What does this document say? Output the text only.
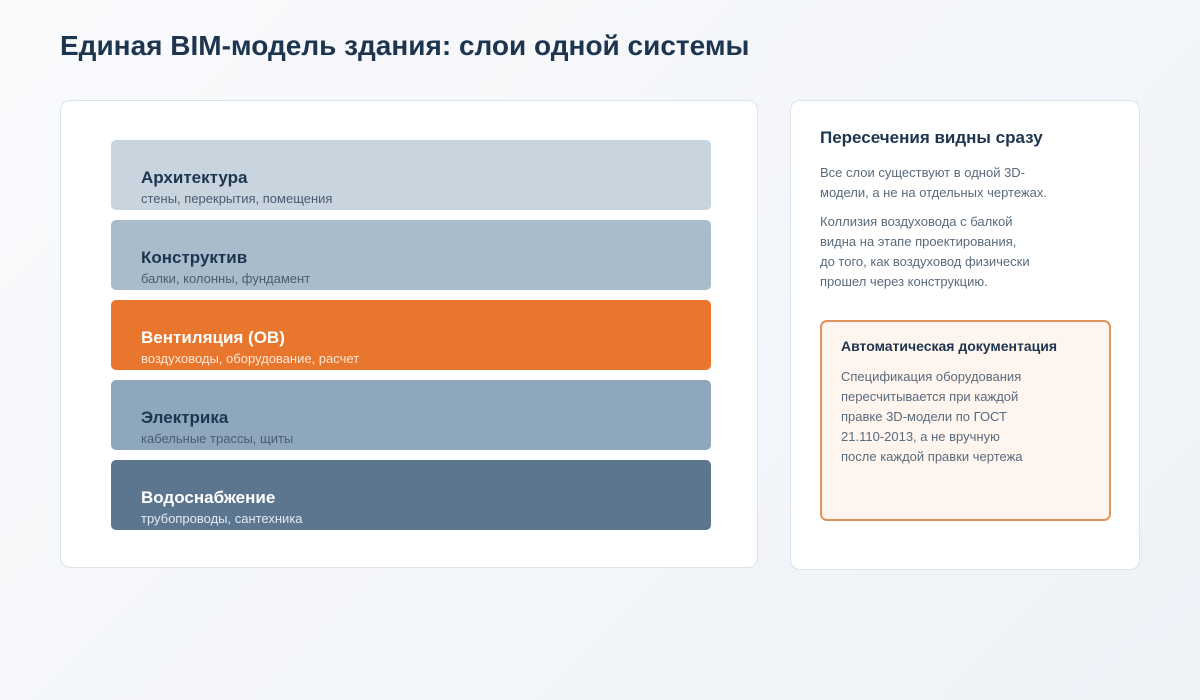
Единая BIM-модель здания: слои одной системы
Архитектура
стены, перекрытия, помещения
Конструктив
балки, колонны, фундамент
Вентиляция (ОВ)
воздуховоды, оборудование, расчет
Электрика
кабельные трассы, щиты
Водоснабжение
трубопроводы, сантехника
Пересечения видны сразу
Все слои существуют в одной 3D-
модели, а не на отдельных чертежах.
Коллизия воздуховода с балкой
видна на этапе проектирования,
до того, как воздуховод физически
прошел через конструкцию.
Автоматическая документация
Спецификация оборудования
пересчитывается при каждой
правке 3D-модели по ГОСТ
21.110-2013, а не вручную
после каждой правки чертежа
